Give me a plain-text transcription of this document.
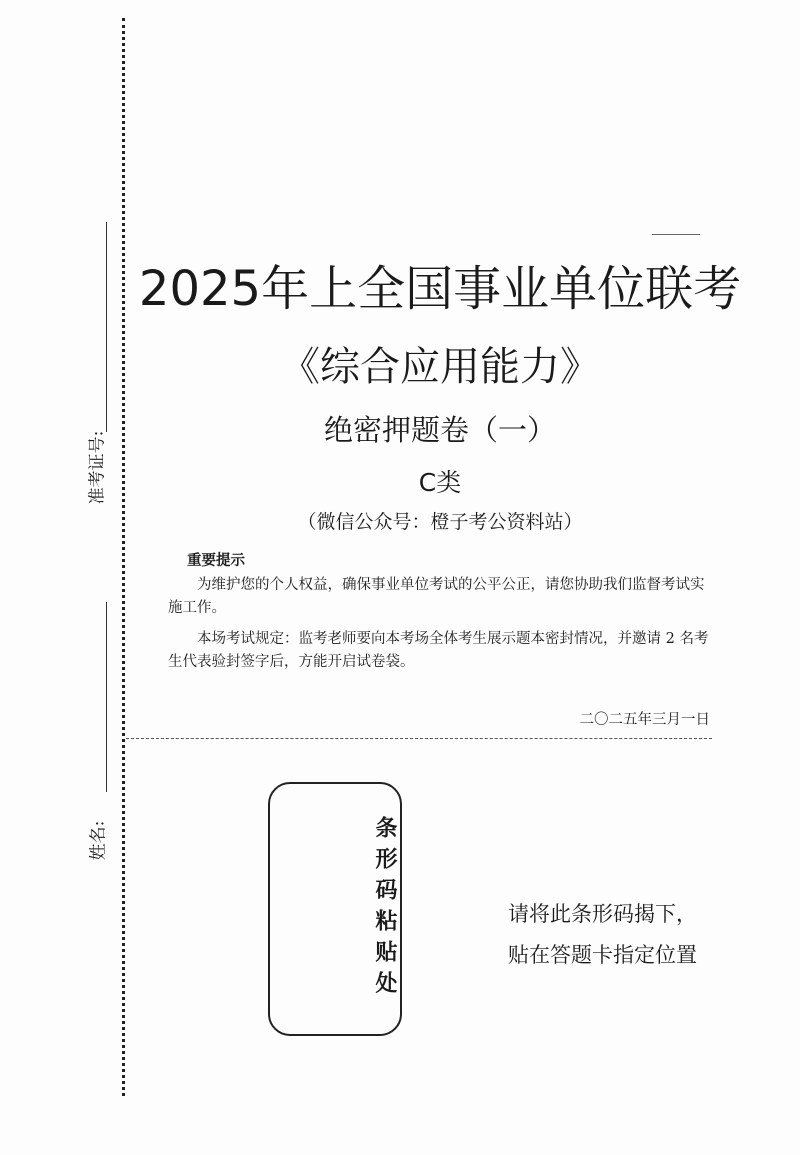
准考证号:
姓名:
2025年上全国事业单位联考
《综合应用能力》
绝密押题卷（一）
C类
（微信公众号：橙子考公资料站）
重要提示

为维护您的个人权益，确保事业单位考试的公平公正，请您协助我们监督考试实施工作。

本场考试规定：监考老师要向本考场全体考生展示题本密封情况，并邀请 2 名考生代表验封签字后，方能开启试卷袋。

二〇二五年三月一日
条形码粘贴处	请将此条形码揭下，
贴在答题卡指定位置
